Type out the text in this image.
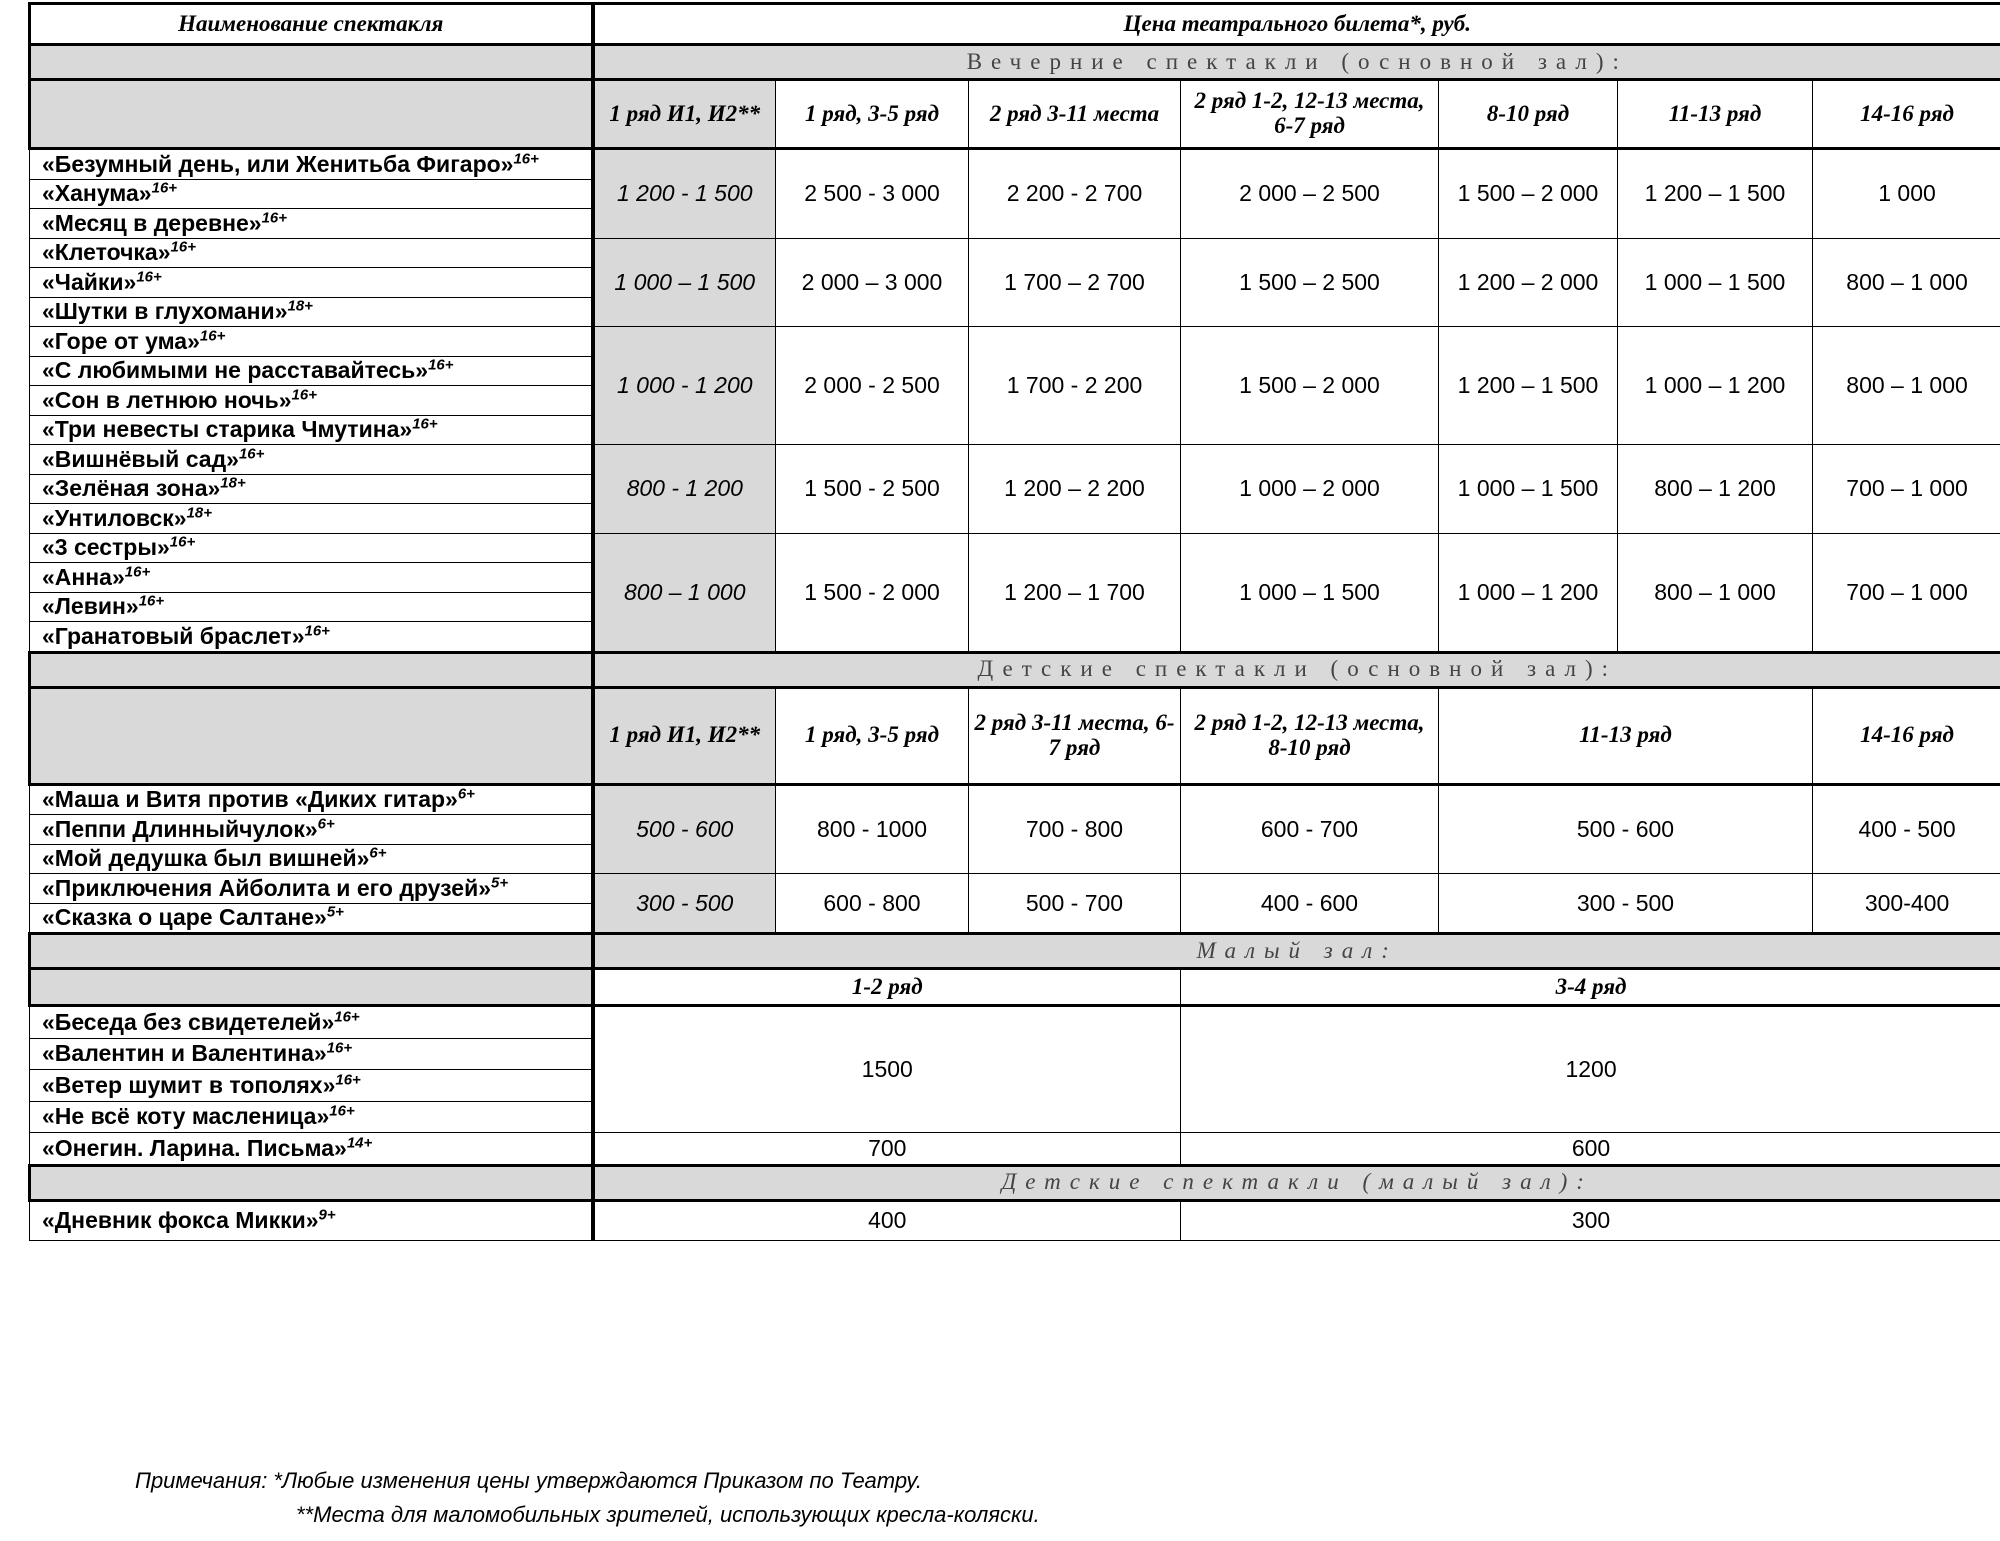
Наименование спектакля	Цена театрального билета*, руб.						
	Вечерние спектакли (основной зал):						
	1 ряд И1, И2**	1 ряд, 3-5 ряд	2 ряд 3-11 места	2 ряд 1-2, 12-13 места, 6-7 ряд	8-10 ряд	11-13 ряд	14-16 ряд
«Безумный день, или Женитьба Фигаро»$^{16+}$	1 200 - 1 500	2 500 - 3 000	2 200 - 2 700	2 000 – 2 500	1 500 – 2 000	1 200 – 1 500	1 000
«Ханума»$^{16+}$
«Месяц в деревне»$^{16+}$
«Клеточка»$^{16+}$	1 000 – 1 500	2 000 – 3 000	1 700 – 2 700	1 500 – 2 500	1 200 – 2 000	1 000 – 1 500	800 – 1 000
«Чайки»$^{16+}$
«Шутки в глухомани»$^{18+}$
«Горе от ума»$^{16+}$	1 000 - 1 200	2 000 - 2 500	1 700 - 2 200	1 500 – 2 000	1 200 – 1 500	1 000 – 1 200	800 – 1 000
«С любимыми не расставайтесь»$^{16+}$
«Сон в летнюю ночь»$^{16+}$
«Три невесты старика Чмутина»$^{16+}$
«Вишнёвый сад»$^{16+}$	800 - 1 200	1 500 - 2 500	1 200 – 2 200	1 000 – 2 000	1 000 – 1 500	800 – 1 200	700 – 1 000
«Зелёная зона»$^{18+}$
«Унтиловск»$^{18+}$
«3 сестры»$^{16+}$	800 – 1 000	1 500 - 2 000	1 200 – 1 700	1 000 – 1 500	1 000 – 1 200	800 – 1 000	700 – 1 000
«Анна»$^{16+}$
«Левин»$^{16+}$
«Гранатовый браслет»$^{16+}$
	Детские спектакли (основной зал):						
	1 ряд И1, И2**	1 ряд, 3-5 ряд	2 ряд 3-11 места, 6-7 ряд	2 ряд 1-2, 12-13 места, 8-10 ряд	11-13 ряд		14-16 ряд
«Маша и Витя против «Диких гитар»$^{6+}$	500 - 600	800 - 1000	700 - 800	600 - 700	500 - 600		400 - 500
«Пеппи Длинныйчулок»$^{6+}$
«Мой дедушка был вишней»$^{6+}$
«Приключения Айболита и его друзей»$^{5+}$	300 - 500	600 - 800	500 - 700	400 - 600	300 - 500		300-400
«Сказка о царе Салтане»$^{5+}$
	Малый зал:						
	1-2 ряд			3-4 ряд			
«Беседа без свидетелей»$^{16+}$	1500			1200			
«Валентин и Валентина»$^{16+}$
«Ветер шумит в тополях»$^{16+}$
«Не всё коту масленица»$^{16+}$
«Онегин. Ларина. Письма»$^{14+}$	700			600			
	Детские спектакли (малый зал):						
«Дневник фокса Микки»$^{9+}$	400			300			
Примечания: *Любые изменения цены утверждаются Приказом по Театру.
**Места для маломобильных зрителей, использующих кресла-коляски.
